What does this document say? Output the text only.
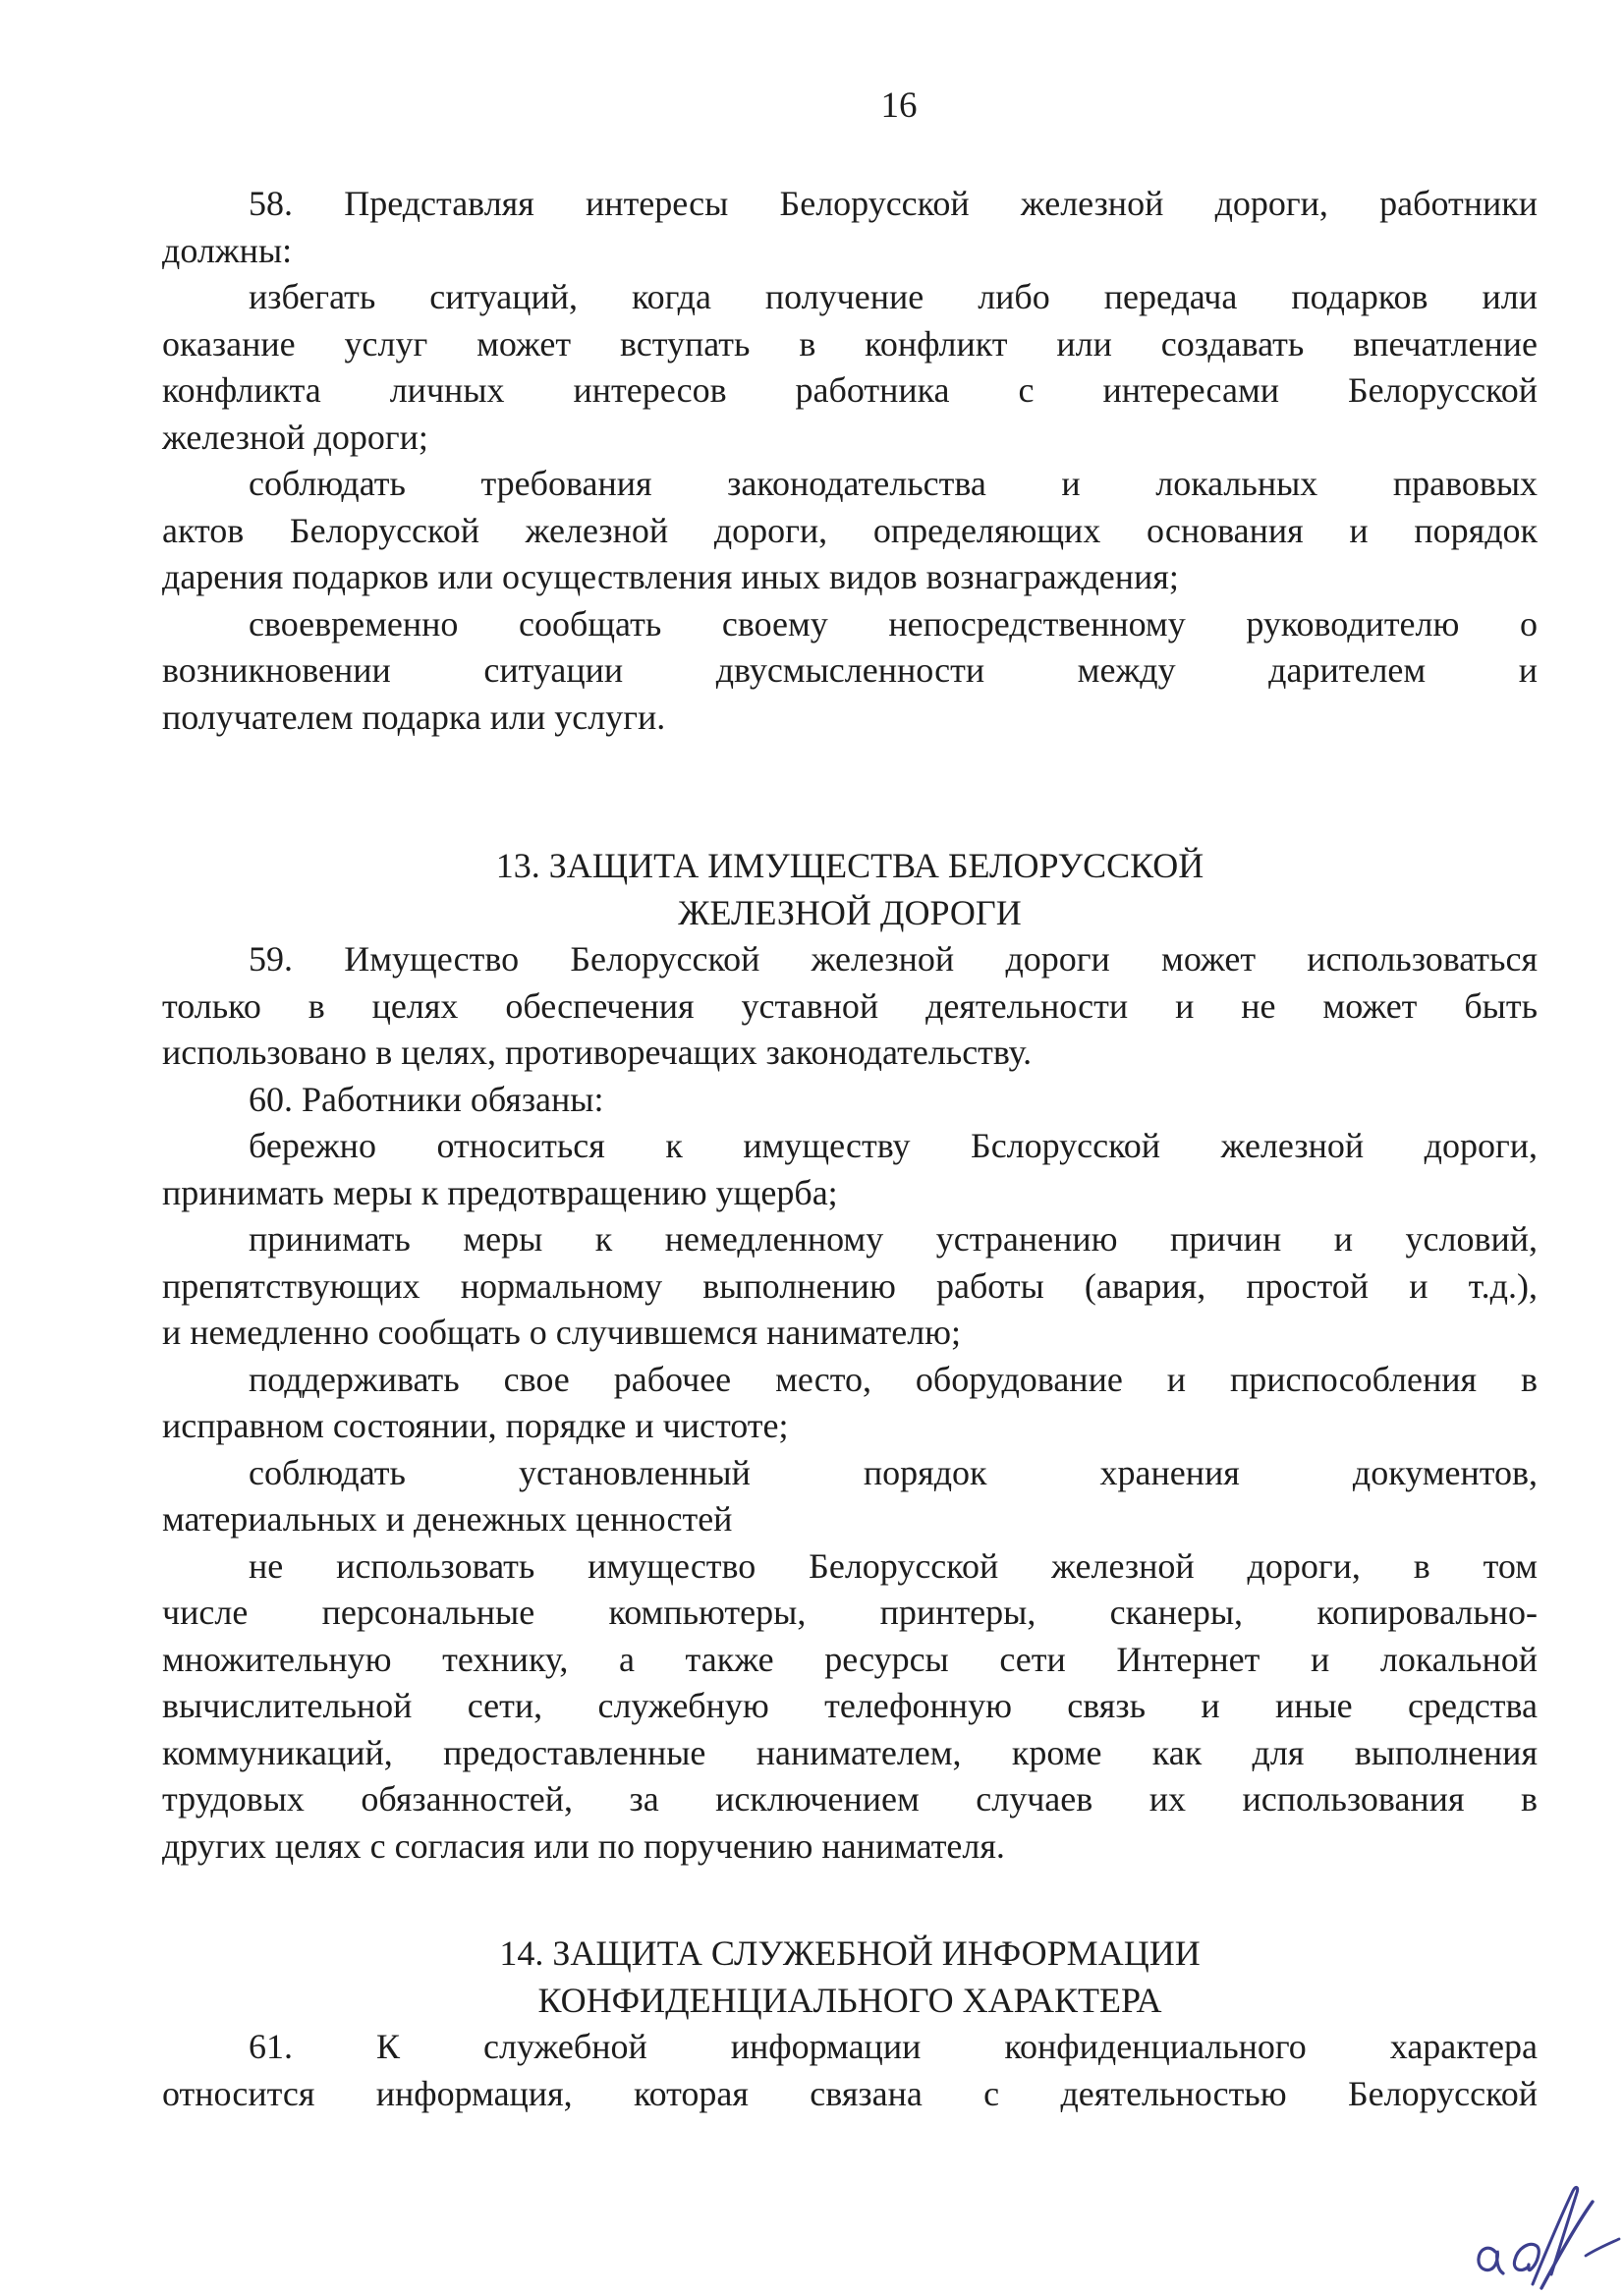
16
58. Представляя интересы Белорусской железной дороги, работники
должны:
избегать ситуаций, когда получение либо передача подарков или
оказание услуг может вступать в конфликт или создавать впечатление
конфликта личных интересов работника с интересами Белорусской
железной дороги;
соблюдать требования законодательства и локальных правовых
актов Белорусской железной дороги, определяющих основания и порядок
дарения подарков или осуществления иных видов вознаграждения;
своевременно сообщать своему непосредственному руководителю о
возникновении ситуации двусмысленности между дарителем и
получателем подарка или услуги.
13. ЗАЩИТА ИМУЩЕСТВА БЕЛОРУССКОЙ
ЖЕЛЕЗНОЙ ДОРОГИ
59. Имущество Белорусской железной дороги может использоваться
только в целях обеспечения уставной деятельности и не может быть
использовано в целях, противоречащих законодательству.
60. Работники обязаны:
бережно относиться к имуществу Бслорусской железной дороги,
принимать меры к предотвращению ущерба;
принимать меры к немедленному устранению причин и условий,
препятствующих нормальному выполнению работы (авария, простой и т.д.),
и немедленно сообщать о случившемся нанимателю;
поддерживать свое рабочее место, оборудование и приспособления в
исправном состоянии, порядке и чистоте;
соблюдать установленный порядок хранения документов,
материальных и денежных ценностей
не использовать имущество Белорусской железной дороги, в том
числе персональные компьютеры, принтеры, сканеры, копировально-
множительную технику, а также ресурсы сети Интернет и локальной
вычислительной сети, служебную телефонную связь и иные средства
коммуникаций, предоставленные нанимателем, кроме как для выполнения
трудовых обязанностей, за исключением случаев их использования в
других целях с согласия или по поручению нанимателя.
14. ЗАЩИТА СЛУЖЕБНОЙ ИНФОРМАЦИИ
КОНФИДЕНЦИАЛЬНОГО ХАРАКТЕРА
61. К служебной информации конфиденциального характера
относится информация, которая связана с деятельностью Белорусской
